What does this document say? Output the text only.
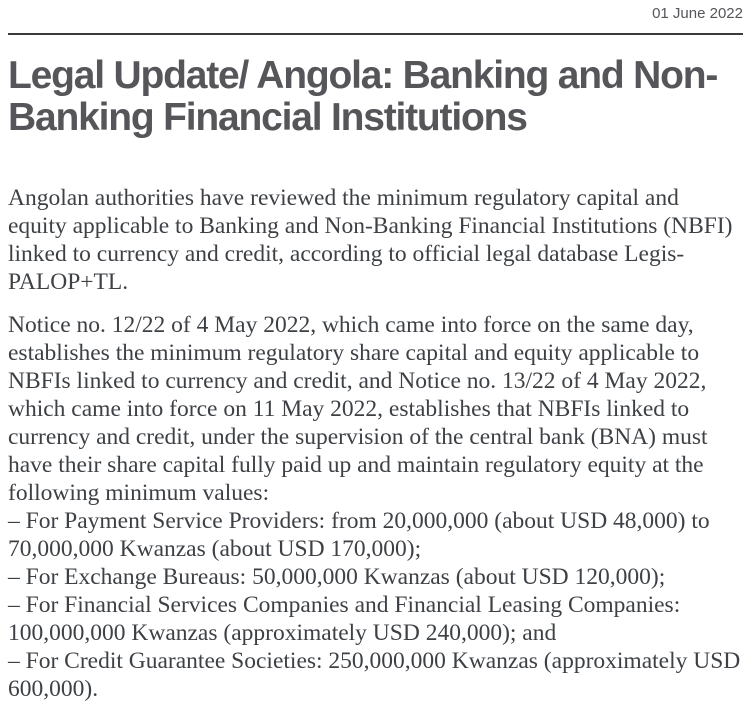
01 June 2022
Legal Update/ Angola: Banking and Non-Banking Financial Institutions

Angolan authorities have reviewed the minimum regulatory capital and equity applicable to Banking and Non-Banking Financial Institutions (NBFI) linked to currency and credit, according to official legal database Legis-PALOP+TL.

Notice no. 12/22 of 4 May 2022, which came into force on the same day, establishes the minimum regulatory share capital and equity applicable to NBFIs linked to currency and credit, and Notice no. 13/22 of 4 May 2022, which came into force on 11 May 2022, establishes that NBFIs linked to currency and credit, under the supervision of the central bank (BNA) must have their share capital fully paid up and maintain regulatory equity at the following minimum values:

– For Payment Service Providers: from 20,000,000 (about USD 48,000) to 70,000,000 Kwanzas (about USD 170,000);

– For Exchange Bureaus: 50,000,000 Kwanzas (about USD 120,000);

– For Financial Services Companies and Financial Leasing Companies: 100,000,000 Kwanzas (approximately USD 240,000); and

– For Credit Guarantee Societies: 250,000,000 Kwanzas (approximately USD 600,000).
